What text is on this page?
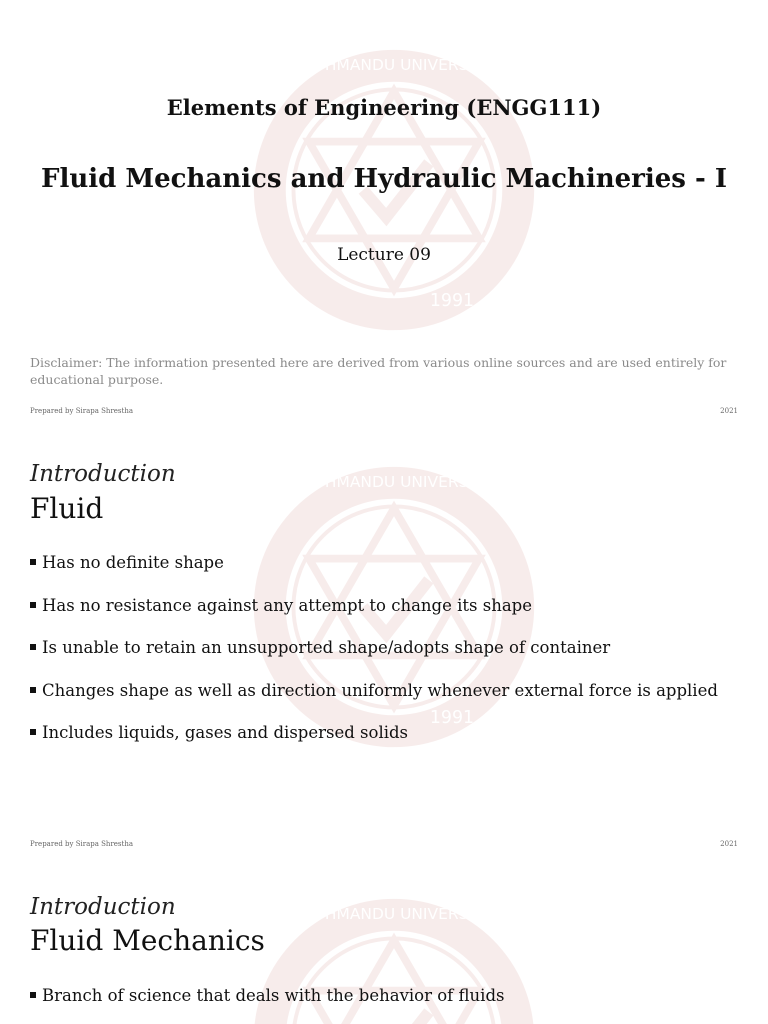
KATHMANDU UNIVERSITY
1991
Elements of Engineering (ENGG111)
Fluid Mechanics and Hydraulic Machineries - I
Lecture 09
Disclaimer: The information presented here are derived from various online sources and are used entirely for educational purpose.
Prepared by Sirapa Shrestha	2021
KATHMANDU UNIVERSITY
1991
Introduction
Fluid
Has no definite shape
Has no resistance against any attempt to change its shape
Is unable to retain an unsupported shape/adopts shape of container
Changes shape as well as direction uniformly whenever external force is applied
Includes liquids, gases and dispersed solids
Prepared by Sirapa Shrestha	2021
KATHMANDU UNIVERSITY
Introduction
Fluid Mechanics
Branch of science that deals with the behavior of fluids
